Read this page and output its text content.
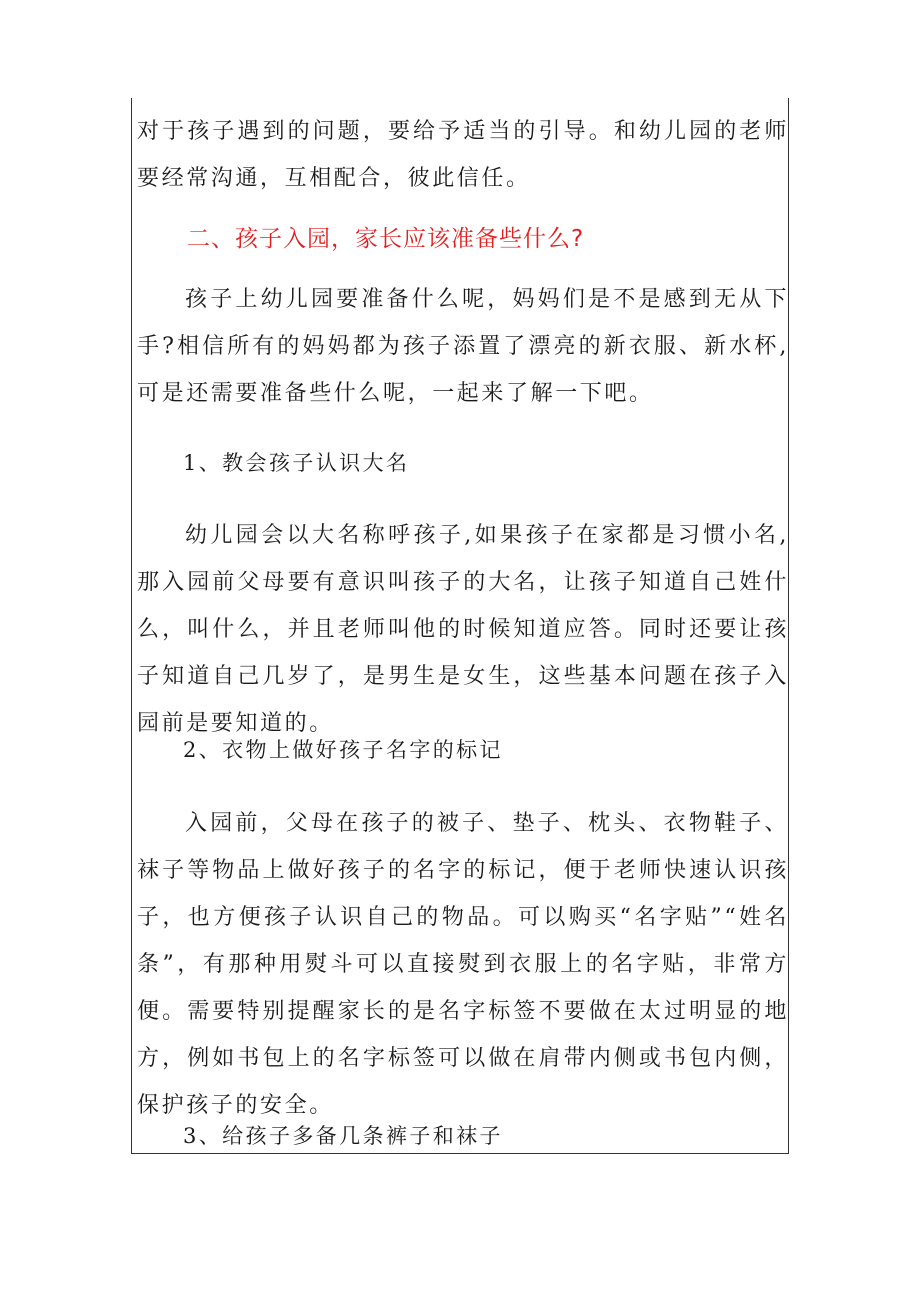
对于孩子遇到的问题，要给予适当的引导。和幼儿园的老师要经常沟通，互相配合，彼此信任。

二、孩子入园，家长应该准备些什么?

孩子上幼儿园要准备什么呢，妈妈们是不是感到无从下手?相信所有的妈妈都为孩子添置了漂亮的新衣服、新水杯,可是还需要准备些什么呢，一起来了解一下吧。

1、教会孩子认识大名

幼儿园会以大名称呼孩子,如果孩子在家都是习惯小名,那入园前父母要有意识叫孩子的大名，让孩子知道自己姓什么，叫什么，并且老师叫他的时候知道应答。同时还要让孩子知道自己几岁了，是男生是女生，这些基本问题在孩子入园前是要知道的。

2、衣物上做好孩子名字的标记

入园前，父母在孩子的被子、垫子、枕头、衣物鞋子、袜子等物品上做好孩子的名字的标记，便于老师快速认识孩子，也方便孩子认识自己的物品。可以购买“名字贴”“姓名条”，有那种用熨斗可以直接熨到衣服上的名字贴，非常方便。需要特别提醒家长的是名字标签不要做在太过明显的地方，例如书包上的名字标签可以做在肩带内侧或书包内侧，保护孩子的安全。

3、给孩子多备几条裤子和袜子
